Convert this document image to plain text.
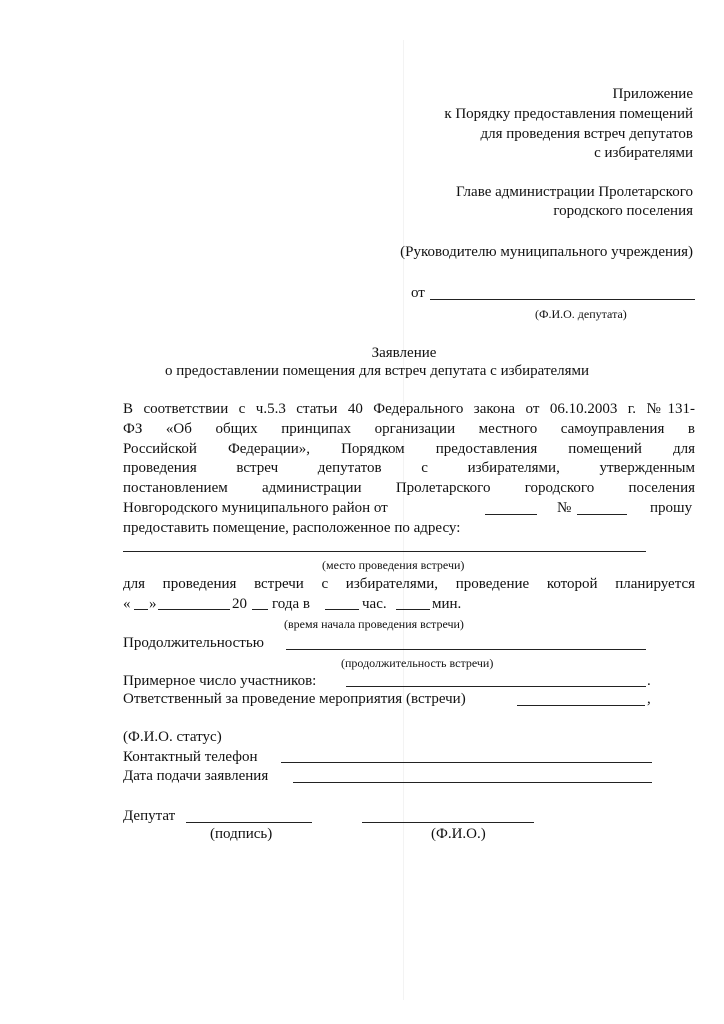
Приложение
к Порядку предоставления помещений
для проведения встреч депутатов
с избирателями
Главе администрации Пролетарского
городского поселения
(Руководителю муниципального учреждения)
от
(Ф.И.О. депутата)
Заявление
о предоставлении помещения для встреч депутата с избирателями
В соответствии с ч.5.3 статьи 40 Федерального закона от 06.10.2003 г. №131-
ФЗ «Об общих принципах организации местного самоуправления в
Российской Федерации», Порядком предоставления помещений для
проведения встреч депутатов с избирателями, утвержденным
постановлением администрации Пролетарского городского поселения
Новгородского муниципального район от	№	прошу
предоставить помещение, расположенное по адресу:
(место проведения встречи)
для проведения встречи с избирателями, проведение которой планируется
« »	20 года в	час.	мин.
(время начала проведения встречи)
Продолжительностью
(продолжительность встречи)
Примерное число участников:	.
Ответственный за проведение мероприятия (встречи)	,
(Ф.И.О. статус)
Контактный телефон
Дата подачи заявления
Депутат
(подпись)	(Ф.И.О.)
